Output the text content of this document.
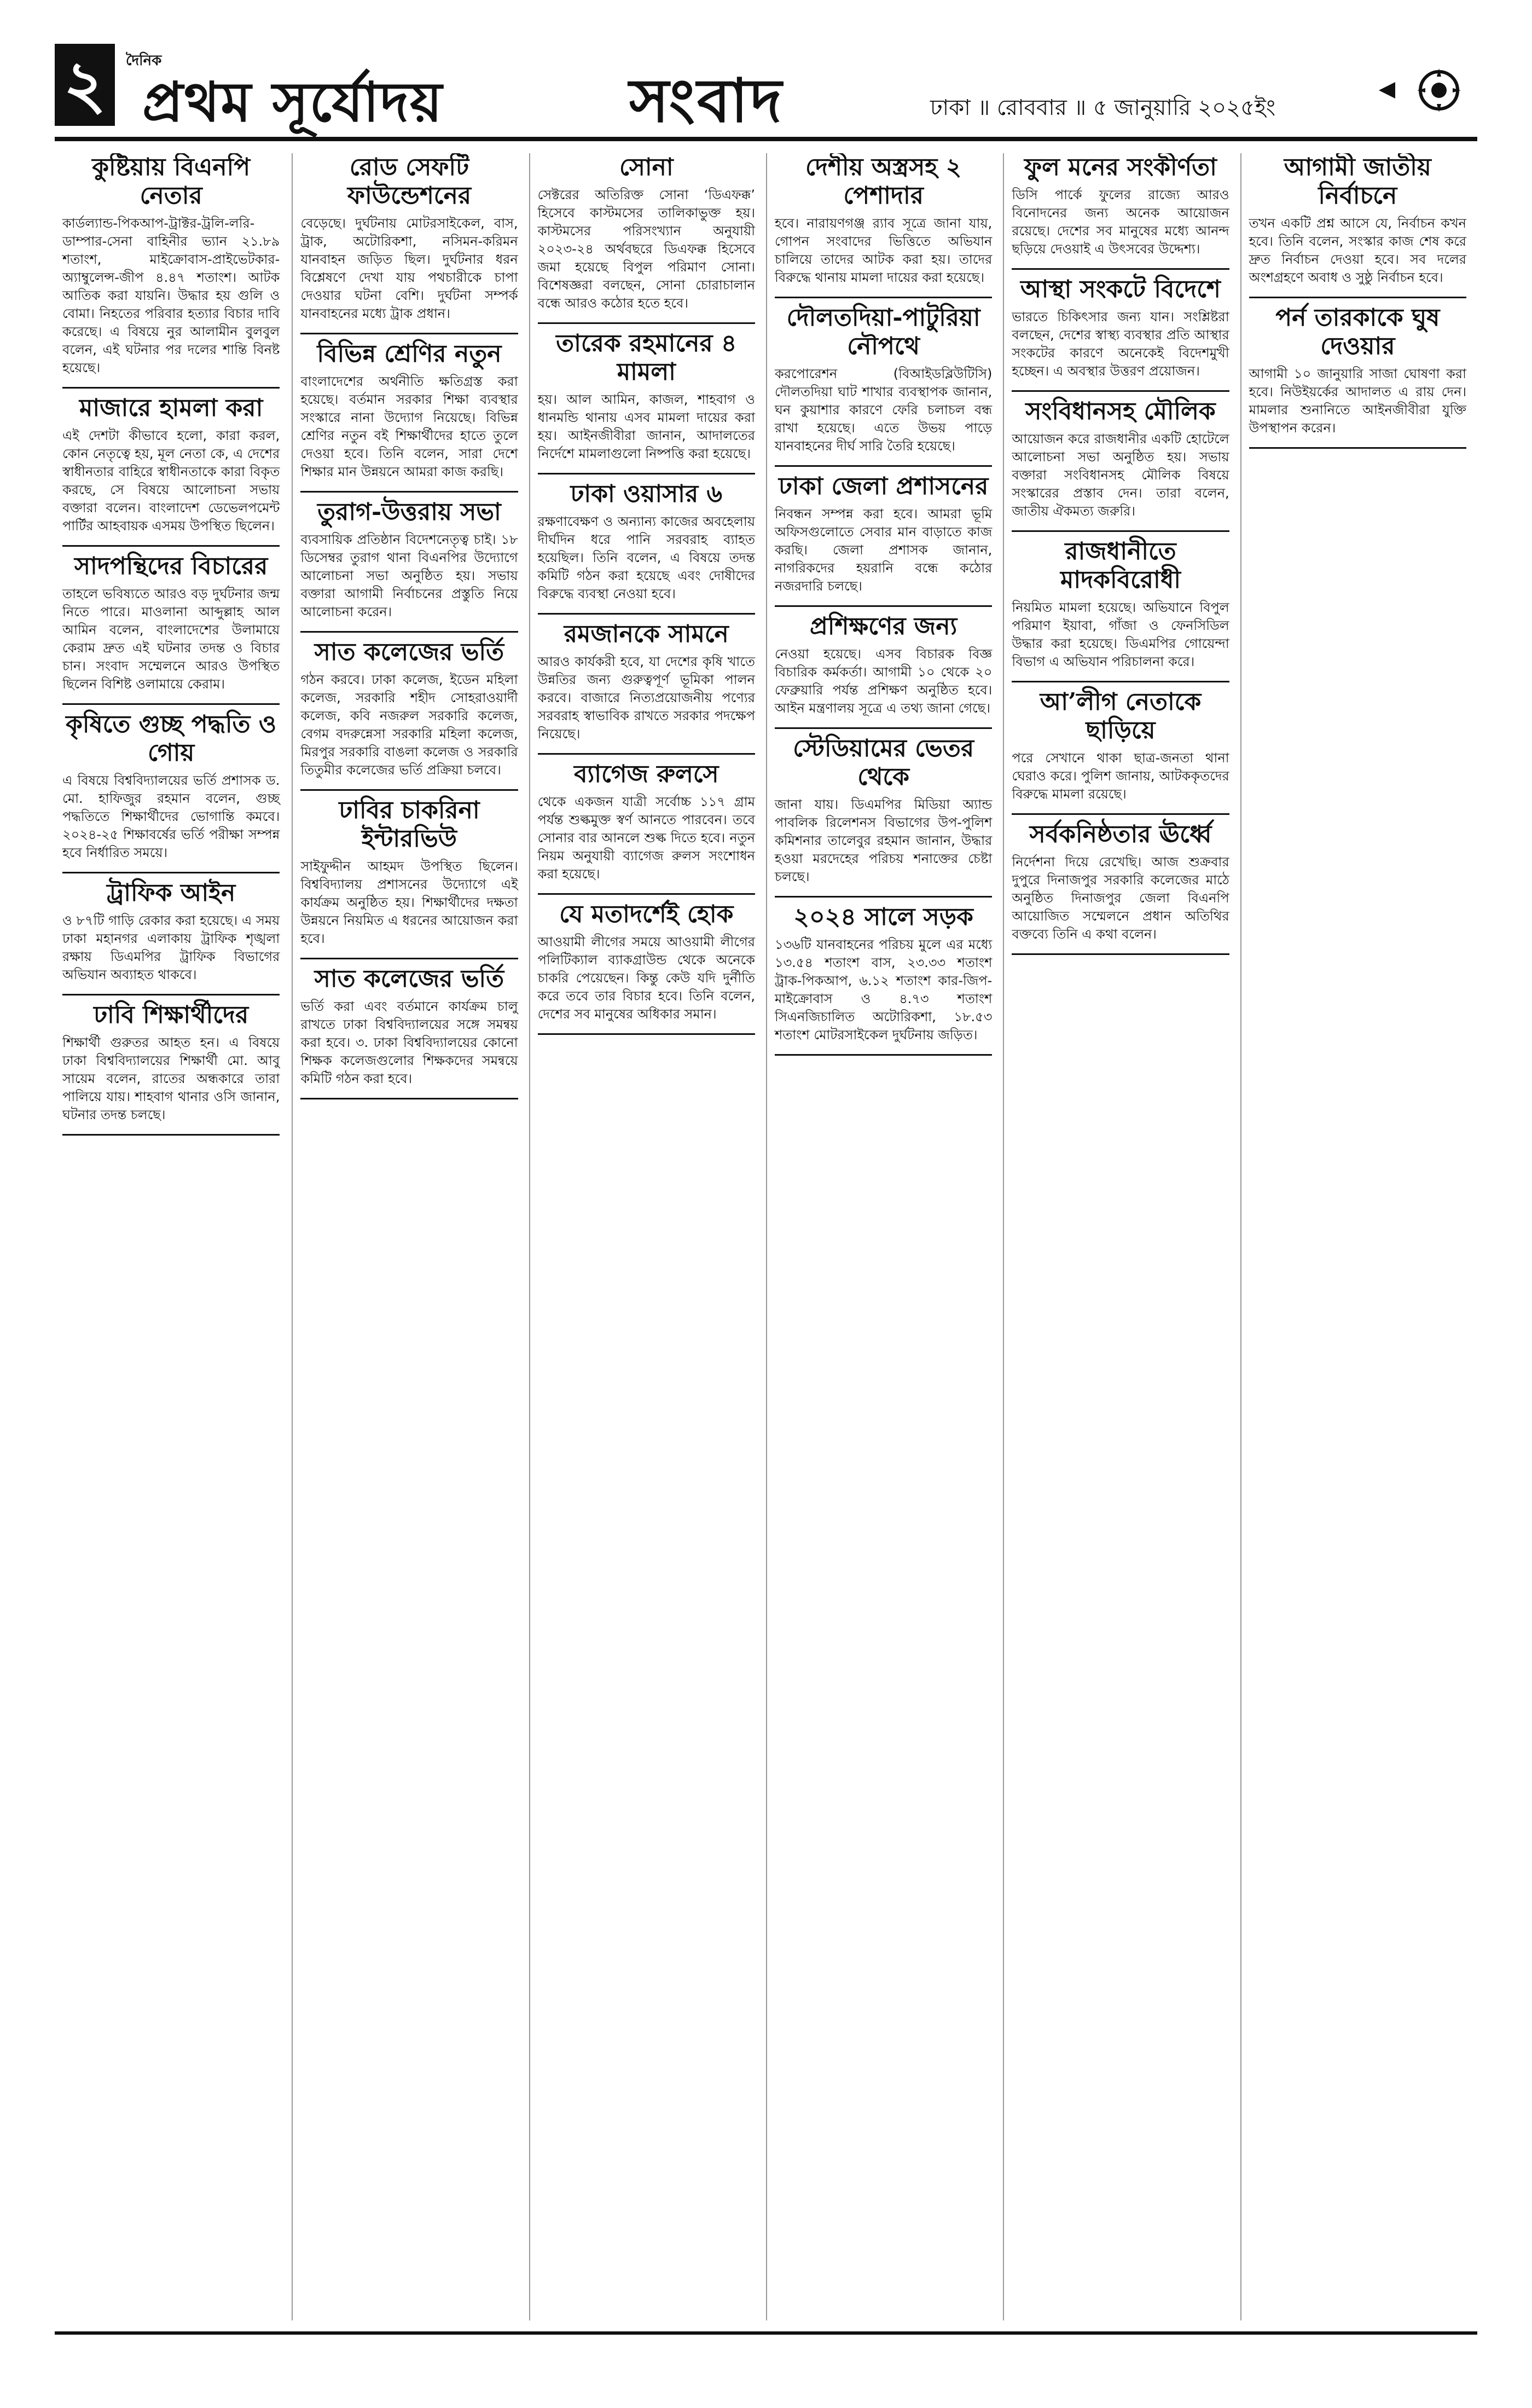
২	দৈনিক
প্রথম সূর্যোদয়	সংবাদ	ঢাকা ॥ রোববার ॥ ৫ জানুয়ারি ২০২৫ইং
কুষ্টিয়ায় বিএনপি নেতার

কার্ডল্যান্ড-পিকআপ-ট্রাক্টর-ট্রলি-লরি-ডাম্পার-সেনা বাহিনীর ভ্যান ২১.৮৯ শতাংশ, মাইক্রোবাস-প্রাইভেটকার-অ্যাম্বুলেন্স-জীপ ৪.৪৭ শতাংশ। আটক আতিক করা যায়নি। উদ্ধার হয় গুলি ও বোমা। নিহতের পরিবার হত্যার বিচার দাবি করেছে। এ বিষয়ে নুর আলামীন বুলবুল বলেন, এই ঘটনার পর দলের শান্তি বিনষ্ট হয়েছে।

মাজারে হামলা করা

এই দেশটা কীভাবে হলো, কারা করল, কোন নেতৃত্বে হয়, মূল নেতা কে, এ দেশের স্বাধীনতার বাহিরে স্বাধীনতাকে কারা বিকৃত করছে, সে বিষয়ে আলোচনা সভায় বক্তারা বলেন। বাংলাদেশ ডেভেলপমেন্ট পার্টির আহবায়ক এসময় উপস্থিত ছিলেন।

সাদপন্থিদের বিচারের

তাহলে ভবিষ্যতে আরও বড় দুর্ঘটনার জন্ম নিতে পারে। মাওলানা আব্দুল্লাহ আল আমিন বলেন, বাংলাদেশের উলামায়ে কেরাম দ্রুত এই ঘটনার তদন্ত ও বিচার চান। সংবাদ সম্মেলনে আরও উপস্থিত ছিলেন বিশিষ্ট ওলামায়ে কেরাম।

কৃষিতে গুচ্ছ পদ্ধতি ও গোয়

এ বিষয়ে বিশ্ববিদ্যালয়ের ভর্তি প্রশাসক ড. মো. হাফিজুর রহমান বলেন, গুচ্ছ পদ্ধতিতে শিক্ষার্থীদের ভোগান্তি কমবে। ২০২৪-২৫ শিক্ষাবর্ষের ভর্তি পরীক্ষা সম্পন্ন হবে নির্ধারিত সময়ে।

ট্রাফিক আইন

ও ৮৭টি গাড়ি রেকার করা হয়েছে। এ সময় ঢাকা মহানগর এলাকায় ট্রাফিক শৃঙ্খলা রক্ষায় ডিএমপির ট্রাফিক বিভাগের অভিযান অব্যাহত থাকবে।

ঢাবি শিক্ষার্থীদের

শিক্ষার্থী গুরুতর আহত হন। এ বিষয়ে ঢাকা বিশ্ববিদ্যালয়ের শিক্ষার্থী মো. আবু সায়েম বলেন, রাতের অন্ধকারে তারা পালিয়ে যায়। শাহবাগ থানার ওসি জানান, ঘটনার তদন্ত চলছে।

রোড সেফটি ফাউন্ডেশনের

বেড়েছে। দুর্ঘটনায় মোটরসাইকেল, বাস, ট্রাক, অটোরিকশা, নসিমন-করিমন যানবাহন জড়িত ছিল। দুর্ঘটনার ধরন বিশ্লেষণে দেখা যায় পথচারীকে চাপা দেওয়ার ঘটনা বেশি। দুর্ঘটনা সম্পর্ক যানবাহনের মধ্যে ট্রাক প্রধান।

বিভিন্ন শ্রেণির নতুন

বাংলাদেশের অর্থনীতি ক্ষতিগ্রস্ত করা হয়েছে। বর্তমান সরকার শিক্ষা ব্যবস্থার সংস্কারে নানা উদ্যোগ নিয়েছে। বিভিন্ন শ্রেণির নতুন বই শিক্ষার্থীদের হাতে তুলে দেওয়া হবে। তিনি বলেন, সারা দেশে শিক্ষার মান উন্নয়নে আমরা কাজ করছি।

তুরাগ-উত্তরায় সভা

ব্যবসায়িক প্রতিষ্ঠান বিদেশনেতৃত্ব চাই। ১৮ ডিসেম্বর তুরাগ থানা বিএনপির উদ্যোগে আলোচনা সভা অনুষ্ঠিত হয়। সভায় বক্তারা আগামী নির্বাচনের প্রস্তুতি নিয়ে আলোচনা করেন।

সাত কলেজের ভর্তি

গঠন করবে। ঢাকা কলেজ, ইডেন মহিলা কলেজ, সরকারি শহীদ সোহরাওয়ার্দী কলেজ, কবি নজরুল সরকারি কলেজ, বেগম বদরুন্নেসা সরকারি মহিলা কলেজ, মিরপুর সরকারি বাঙলা কলেজ ও সরকারি তিতুমীর কলেজের ভর্তি প্রক্রিয়া চলবে।

ঢাবির চাকরিনা ইন্টারভিউ

সাইফুদ্দীন আহমদ উপস্থিত ছিলেন। বিশ্ববিদ্যালয় প্রশাসনের উদ্যোগে এই কার্যক্রম অনুষ্ঠিত হয়। শিক্ষার্থীদের দক্ষতা উন্নয়নে নিয়মিত এ ধরনের আয়োজন করা হবে।

সাত কলেজের ভর্তি

ভর্তি করা এবং বর্তমানে কার্যক্রম চালু রাখতে ঢাকা বিশ্ববিদ্যালয়ের সঙ্গে সমন্বয় করা হবে। ৩. ঢাকা বিশ্ববিদ্যালয়ের কোনো শিক্ষক কলেজগুলোর শিক্ষকদের সমন্বয়ে কমিটি গঠন করা হবে।

সোনা

সেক্টরের অতিরিক্ত সোনা ‘ডিএফক্ক’ হিসেবে কাস্টমসের তালিকাভুক্ত হয়। কাস্টমসের পরিসংখ্যান অনুযায়ী ২০২৩-২৪ অর্থবছরে ডিএফক্ক হিসেবে জমা হয়েছে বিপুল পরিমাণ সোনা। বিশেষজ্ঞরা বলছেন, সোনা চোরাচালান বন্ধে আরও কঠোর হতে হবে।

তারেক রহমানের ৪ মামলা

হয়। আল আমিন, কাজল, শাহবাগ ও ধানমন্ডি থানায় এসব মামলা দায়ের করা হয়। আইনজীবীরা জানান, আদালতের নির্দেশে মামলাগুলো নিষ্পত্তি করা হয়েছে।

ঢাকা ওয়াসার ৬

রক্ষণাবেক্ষণ ও অন্যান্য কাজের অবহেলায় দীর্ঘদিন ধরে পানি সরবরাহ ব্যাহত হয়েছিল। তিনি বলেন, এ বিষয়ে তদন্ত কমিটি গঠন করা হয়েছে এবং দোষীদের বিরুদ্ধে ব্যবস্থা নেওয়া হবে।

রমজানকে সামনে

আরও কার্যকরী হবে, যা দেশের কৃষি খাতে উন্নতির জন্য গুরুত্বপূর্ণ ভূমিকা পালন করবে। বাজারে নিত্যপ্রয়োজনীয় পণ্যের সরবরাহ স্বাভাবিক রাখতে সরকার পদক্ষেপ নিয়েছে।

ব্যাগেজ রুলসে

থেকে একজন যাত্রী সর্বোচ্চ ১১৭ গ্রাম পর্যন্ত শুল্কমুক্ত স্বর্ণ আনতে পারবেন। তবে সোনার বার আনলে শুল্ক দিতে হবে। নতুন নিয়ম অনুযায়ী ব্যাগেজ রুলস সংশোধন করা হয়েছে।

যে মতাদর্শেই হোক

আওয়ামী লীগের সময়ে আওয়ামী লীগের পলিটিক্যাল ব্যাকগ্রাউন্ড থেকে অনেকে চাকরি পেয়েছেন। কিন্তু কেউ যদি দুর্নীতি করে তবে তার বিচার হবে। তিনি বলেন, দেশের সব মানুষের অধিকার সমান।

দেশীয় অস্ত্রসহ ২ পেশাদার

হবে। নারায়ণগঞ্জ র‌্যাব সূত্রে জানা যায়, গোপন সংবাদের ভিত্তিতে অভিযান চালিয়ে তাদের আটক করা হয়। তাদের বিরুদ্ধে থানায় মামলা দায়ের করা হয়েছে।

দৌলতদিয়া-পাটুরিয়া নৌপথে

করপোরেশন (বিআইডব্লিউটিসি) দৌলতদিয়া ঘাট শাখার ব্যবস্থাপক জানান, ঘন কুয়াশার কারণে ফেরি চলাচল বন্ধ রাখা হয়েছে। এতে উভয় পাড়ে যানবাহনের দীর্ঘ সারি তৈরি হয়েছে।

ঢাকা জেলা প্রশাসনের

নিবন্ধন সম্পন্ন করা হবে। আমরা ভূমি অফিসগুলোতে সেবার মান বাড়াতে কাজ করছি। জেলা প্রশাসক জানান, নাগরিকদের হয়রানি বন্ধে কঠোর নজরদারি চলছে।

প্রশিক্ষণের জন্য

নেওয়া হয়েছে। এসব বিচারক বিজ্ঞ বিচারিক কর্মকর্তা। আগামী ১০ থেকে ২০ ফেব্রুয়ারি পর্যন্ত প্রশিক্ষণ অনুষ্ঠিত হবে। আইন মন্ত্রণালয় সূত্রে এ তথ্য জানা গেছে।

স্টেডিয়ামের ভেতর থেকে

জানা যায়। ডিএমপির মিডিয়া অ্যান্ড পাবলিক রিলেশনস বিভাগের উপ-পুলিশ কমিশনার তালেবুর রহমান জানান, উদ্ধার হওয়া মরদেহের পরিচয় শনাক্তের চেষ্টা চলছে।

২০২৪ সালে সড়ক

১৩৬টি যানবাহনের পরিচয় মুলে এর মধ্যে ১৩.৫৪ শতাংশ বাস, ২৩.৩৩ শতাংশ ট্রাক-পিকআপ, ৬.১২ শতাংশ কার-জিপ-মাইক্রোবাস ও ৪.৭৩ শতাংশ সিএনজিচালিত অটোরিকশা, ১৮.৫৩ শতাংশ মোটরসাইকেল দুর্ঘটনায় জড়িত।

ফুল মনের সংকীর্ণতা

ডিসি পার্কে ফুলের রাজ্যে আরও বিনোদনের জন্য অনেক আয়োজন রয়েছে। দেশের সব মানুষের মধ্যে আনন্দ ছড়িয়ে দেওয়াই এ উৎসবের উদ্দেশ্য।

আস্থা সংকটে বিদেশে

ভারতে চিকিৎসার জন্য যান। সংশ্লিষ্টরা বলছেন, দেশের স্বাস্থ্য ব্যবস্থার প্রতি আস্থার সংকটের কারণে অনেকেই বিদেশমুখী হচ্ছেন। এ অবস্থার উত্তরণ প্রয়োজন।

সংবিধানসহ মৌলিক

আয়োজন করে রাজধানীর একটি হোটেলে আলোচনা সভা অনুষ্ঠিত হয়। সভায় বক্তারা সংবিধানসহ মৌলিক বিষয়ে সংস্কারের প্রস্তাব দেন। তারা বলেন, জাতীয় ঐকমত্য জরুরি।

রাজধানীতে মাদকবিরোধী

নিয়মিত মামলা হয়েছে। অভিযানে বিপুল পরিমাণ ইয়াবা, গাঁজা ও ফেনসিডিল উদ্ধার করা হয়েছে। ডিএমপির গোয়েন্দা বিভাগ এ অভিযান পরিচালনা করে।

আ’লীগ নেতাকে ছাড়িয়ে

পরে সেখানে থাকা ছাত্র-জনতা থানা ঘেরাও করে। পুলিশ জানায়, আটককৃতদের বিরুদ্ধে মামলা রয়েছে।

সর্বকনিষ্ঠতার ঊর্ধ্বে

নির্দেশনা দিয়ে রেখেছি। আজ শুক্রবার দুপুরে দিনাজপুর সরকারি কলেজের মাঠে অনুষ্ঠিত দিনাজপুর জেলা বিএনপি আয়োজিত সম্মেলনে প্রধান অতিথির বক্তব্যে তিনি এ কথা বলেন।

আগামী জাতীয় নির্বাচনে

তখন একটি প্রশ্ন আসে যে, নির্বাচন কখন হবে। তিনি বলেন, সংস্কার কাজ শেষ করে দ্রুত নির্বাচন দেওয়া হবে। সব দলের অংশগ্রহণে অবাধ ও সুষ্ঠু নির্বাচন হবে।

পর্ন তারকাকে ঘুষ দেওয়ার

আগামী ১০ জানুয়ারি সাজা ঘোষণা করা হবে। নিউইয়র্কের আদালত এ রায় দেন। মামলার শুনানিতে আইনজীবীরা যুক্তি উপস্থাপন করেন।
